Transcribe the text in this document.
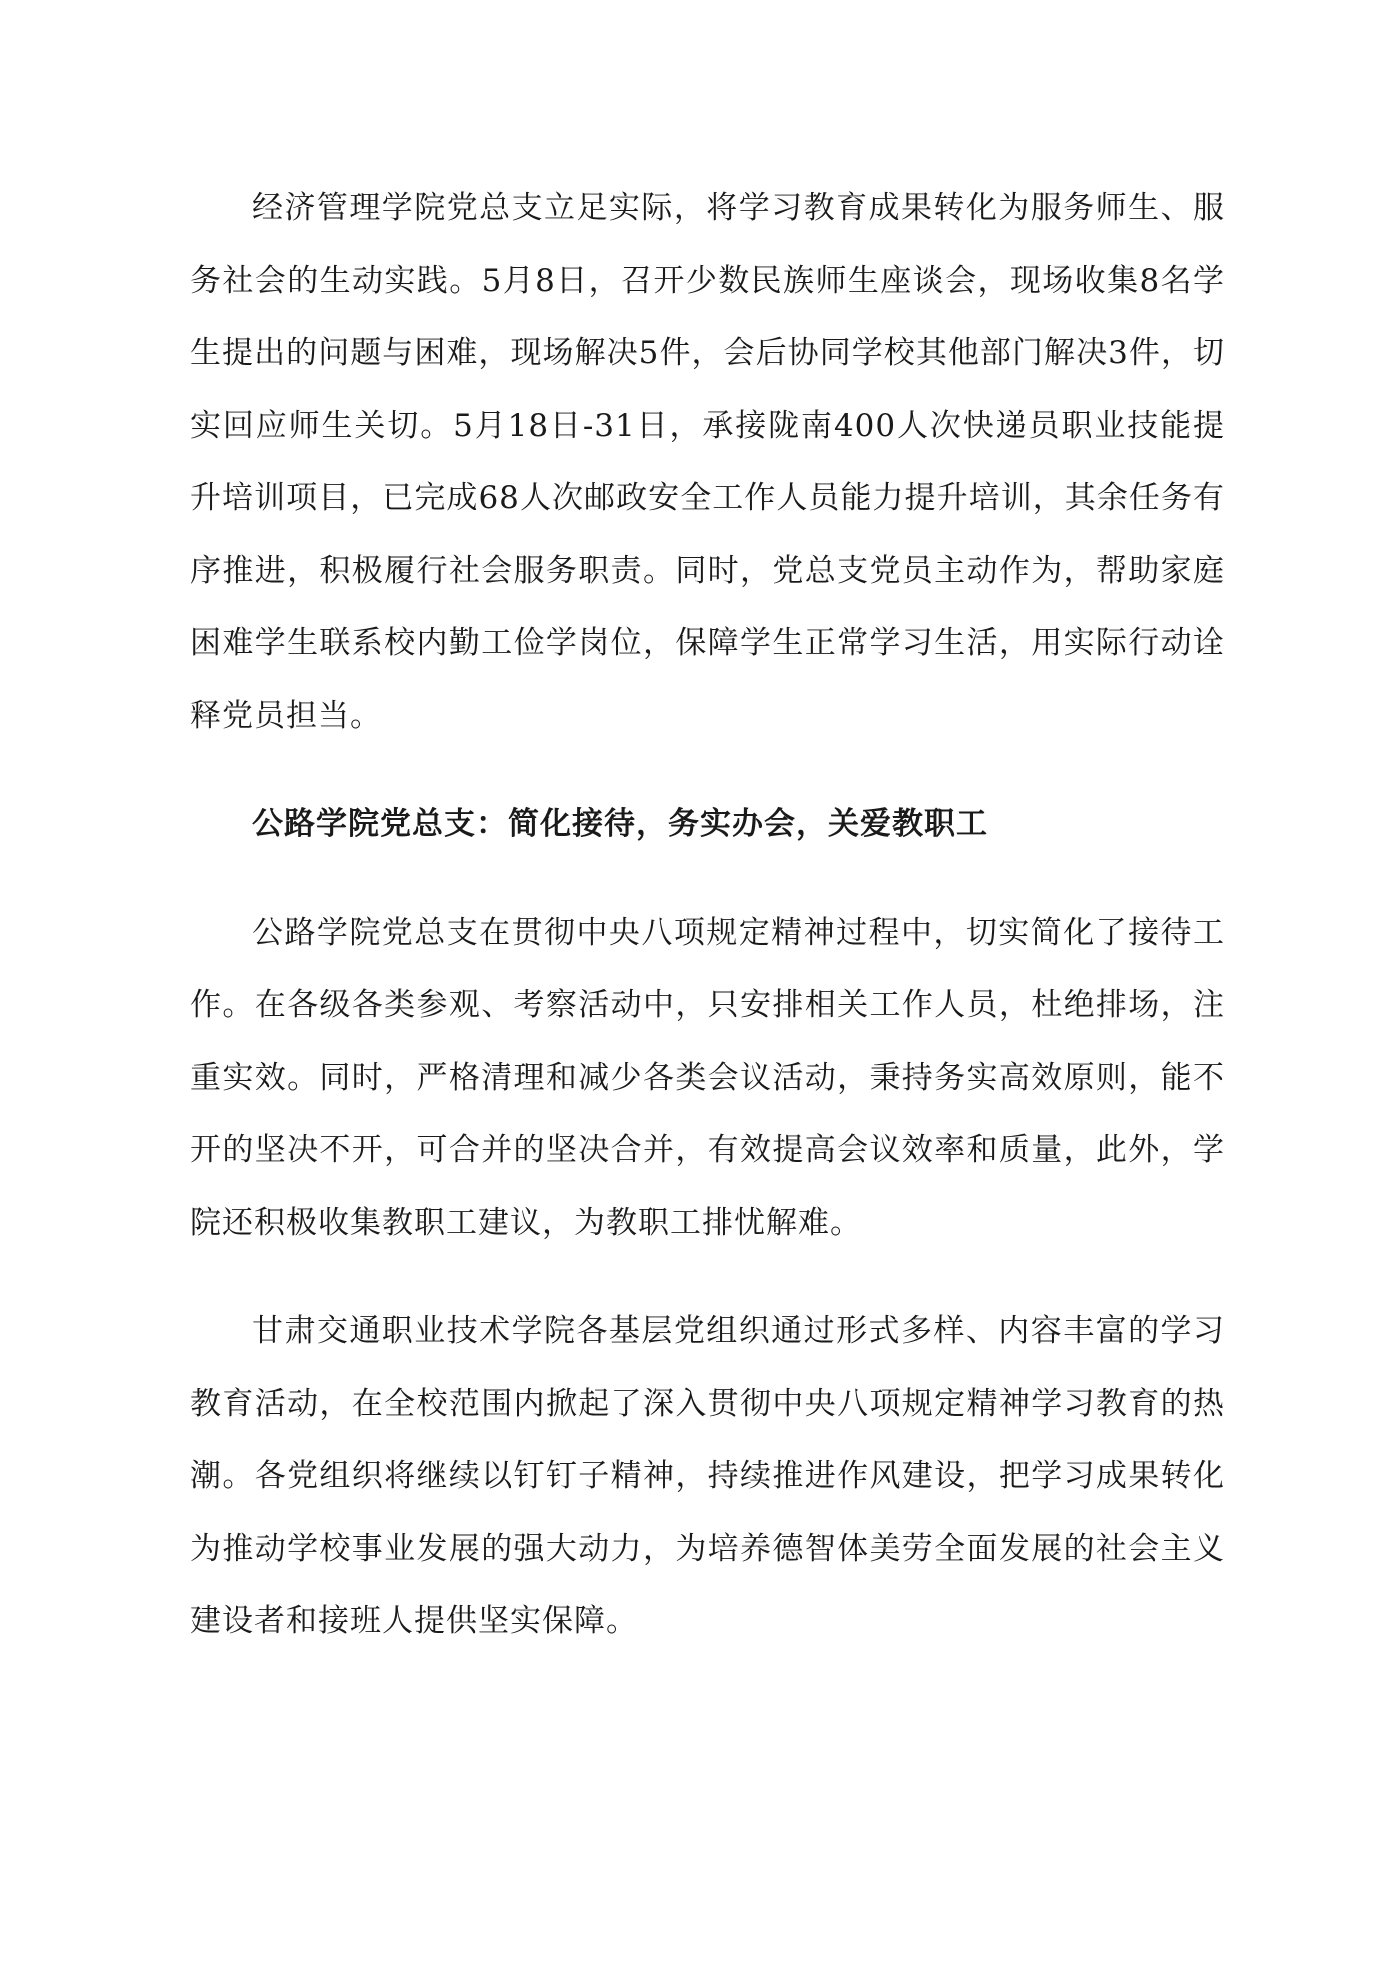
经济管理学院党总支立足实际，将学习教育成果转化为服务师生、服务社会的生动实践。5月8日，召开少数民族师生座谈会，现场收集8名学生提出的问题与困难，现场解决5件，会后协同学校其他部门解决3件，切实回应师生关切。5月18日-31日，承接陇南400人次快递员职业技能提升培训项目，已完成68人次邮政安全工作人员能力提升培训，其余任务有序推进，积极履行社会服务职责。同时，党总支党员主动作为，帮助家庭困难学生联系校内勤工俭学岗位，保障学生正常学习生活，用实际行动诠释党员担当。

公路学院党总支：简化接待，务实办会，关爱教职工

公路学院党总支在贯彻中央八项规定精神过程中，切实简化了接待工作。在各级各类参观、考察活动中，只安排相关工作人员，杜绝排场，注重实效。同时，严格清理和减少各类会议活动，秉持务实高效原则，能不开的坚决不开，可合并的坚决合并，有效提高会议效率和质量，此外，学院还积极收集教职工建议，为教职工排忧解难。

甘肃交通职业技术学院各基层党组织通过形式多样、内容丰富的学习教育活动，在全校范围内掀起了深入贯彻中央八项规定精神学习教育的热潮。各党组织将继续以钉钉子精神，持续推进作风建设，把学习成果转化为推动学校事业发展的强大动力，为培养德智体美劳全面发展的社会主义建设者和接班人提供坚实保障。
